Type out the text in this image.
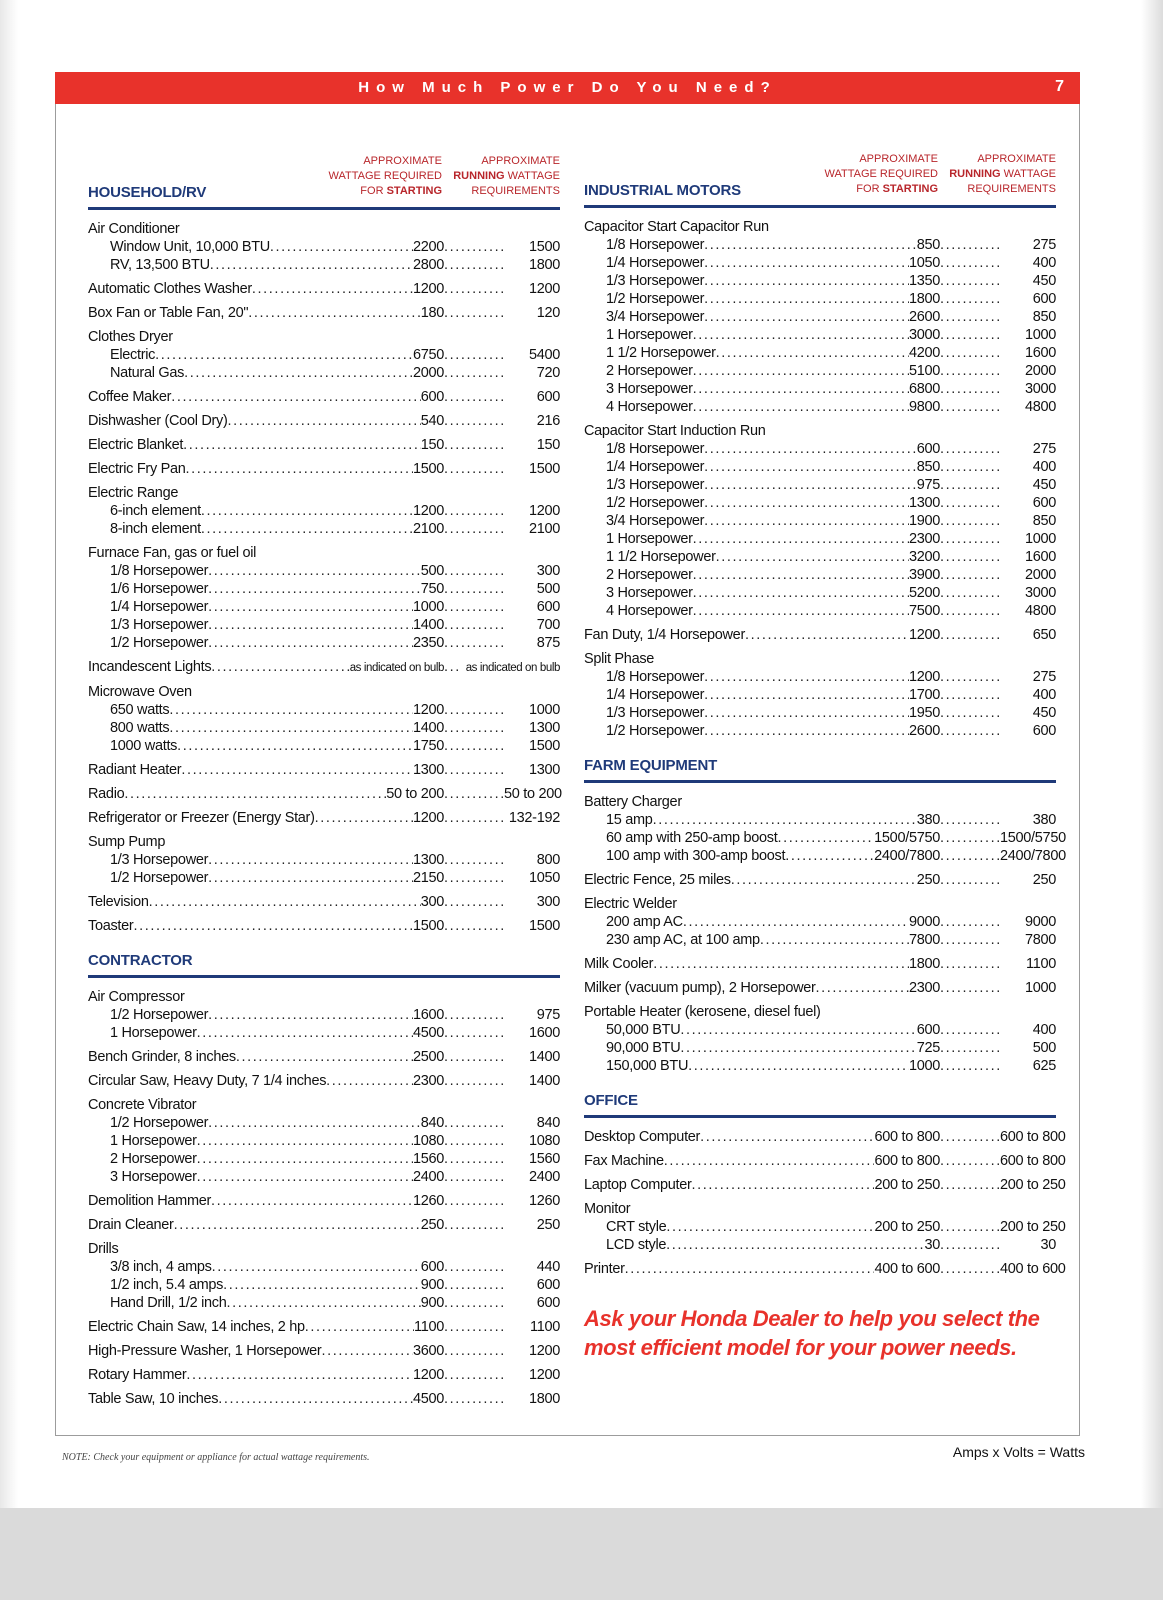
How Much Power Do You Need?	7
HOUSEHOLD/RV
APPROXIMATE
WATTAGE REQUIRED
FOR STARTING
APPROXIMATE
RUNNING WATTAGE
REQUIREMENTS
Air Conditioner
Window Unit, 10,000 BTU .....	2200 .....	1500
RV, 13,500 BTU .....	2800 .....	1800
Automatic Clothes Washer .....	1200 .....	1200
Box Fan or Table Fan, 20" .....	180 .....	120
Clothes Dryer
Electric .....	6750 .....	5400
Natural Gas .....	2000 .....	720
Coffee Maker .....	600 .....	600
Dishwasher (Cool Dry) .....	540 .....	216
Electric Blanket .....	150 .....	150
Electric Fry Pan .....	1500 .....	1500
Electric Range
6-inch element .....	1200 .....	1200
8-inch element .....	2100 .....	2100
Furnace Fan, gas or fuel oil
1/8 Horsepower .....	500 .....	300
1/6 Horsepower .....	750 .....	500
1/4 Horsepower .....	1000 .....	600
1/3 Horsepower .....	1400 .....	700
1/2 Horsepower .....	2350 .....	875
Incandescent Lights .....	as indicated on bulb .....	as indicated on bulb
Microwave Oven
650 watts .....	1200 .....	1000
800 watts .....	1400 .....	1300
1000 watts .....	1750 .....	1500
Radiant Heater .....	1300 .....	1300
Radio .....	50 to 200 .....	50 to 200
Refrigerator or Freezer (Energy Star) .....	1200 .....	132-192
Sump Pump
1/3 Horsepower .....	1300 .....	800
1/2 Horsepower .....	2150 .....	1050
Television .....	300 .....	300
Toaster .....	1500 .....	1500
CONTRACTOR
Air Compressor
1/2 Horsepower .....	1600 .....	975
1 Horsepower .....	4500 .....	1600
Bench Grinder, 8 inches .....	2500 .....	1400
Circular Saw, Heavy Duty, 7 1/4 inches .....	2300 .....	1400
Concrete Vibrator
1/2 Horsepower .....	840 .....	840
1 Horsepower .....	1080 .....	1080
2 Horsepower .....	1560 .....	1560
3 Horsepower .....	2400 .....	2400
Demolition Hammer .....	1260 .....	1260
Drain Cleaner .....	250 .....	250
Drills
3/8 inch, 4 amps .....	600 .....	440
1/2 inch, 5.4 amps .....	900 .....	600
Hand Drill, 1/2 inch .....	900 .....	600
Electric Chain Saw, 14 inches, 2 hp .....	1100 .....	1100
High-Pressure Washer, 1 Horsepower .....	3600 .....	1200
Rotary Hammer .....	1200 .....	1200
Table Saw, 10 inches .....	4500 .....	1800
INDUSTRIAL MOTORS
APPROXIMATE
WATTAGE REQUIRED
FOR STARTING
APPROXIMATE
RUNNING WATTAGE
REQUIREMENTS
Capacitor Start Capacitor Run
1/8 Horsepower .....	850 .....	275
1/4 Horsepower .....	1050 .....	400
1/3 Horsepower .....	1350 .....	450
1/2 Horsepower .....	1800 .....	600
3/4 Horsepower .....	2600 .....	850
1 Horsepower .....	3000 .....	1000
1 1/2 Horsepower .....	4200 .....	1600
2 Horsepower .....	5100 .....	2000
3 Horsepower .....	6800 .....	3000
4 Horsepower .....	9800 .....	4800
Capacitor Start Induction Run
1/8 Horsepower .....	600 .....	275
1/4 Horsepower .....	850 .....	400
1/3 Horsepower .....	975 .....	450
1/2 Horsepower .....	1300 .....	600
3/4 Horsepower .....	1900 .....	850
1 Horsepower .....	2300 .....	1000
1 1/2 Horsepower .....	3200 .....	1600
2 Horsepower .....	3900 .....	2000
3 Horsepower .....	5200 .....	3000
4 Horsepower .....	7500 .....	4800
Fan Duty, 1/4 Horsepower .....	1200 .....	650
Split Phase
1/8 Horsepower .....	1200 .....	275
1/4 Horsepower .....	1700 .....	400
1/3 Horsepower .....	1950 .....	450
1/2 Horsepower .....	2600 .....	600
FARM EQUIPMENT
Battery Charger
15 amp .....	380 .....	380
60 amp with 250-amp boost .....	1500/5750 .....	1500/5750
100 amp with 300-amp boost .....	2400/7800 .....	2400/7800
Electric Fence, 25 miles .....	250 .....	250
Electric Welder
200 amp AC .....	9000 .....	9000
230 amp AC, at 100 amp .....	7800 .....	7800
Milk Cooler .....	1800 .....	1100
Milker (vacuum pump), 2 Horsepower .....	2300 .....	1000
Portable Heater (kerosene, diesel fuel)
50,000 BTU .....	600 .....	400
90,000 BTU .....	725 .....	500
150,000 BTU .....	1000 .....	625
OFFICE
Desktop Computer .....	600 to 800 .....	600 to 800
Fax Machine .....	600 to 800 .....	600 to 800
Laptop Computer .....	200 to 250 .....	200 to 250
Monitor
CRT style .....	200 to 250 .....	200 to 250
LCD style .....	30 .....	30
Printer .....	400 to 600 .....	400 to 600
Ask your Honda Dealer to help you select the most efficient model for your power needs.
NOTE: Check your equipment or appliance for actual wattage requirements.	Amps x Volts = Watts
